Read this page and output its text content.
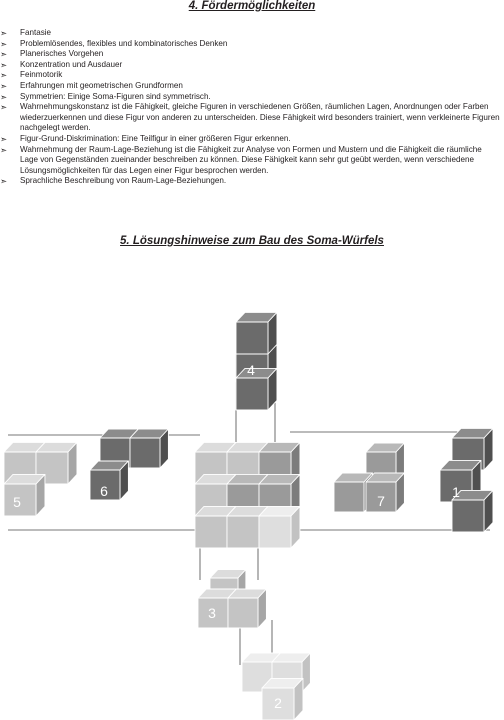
4. Fördermöglichkeiten
➣ Fantasie
➣ Problemlösendes, flexibles und kombinatorisches Denken
➣ Planerisches Vorgehen
➣ Konzentration und Ausdauer
➣ Feinmotorik
➣ Erfahrungen mit geometrischen Grundformen
➣ Symmetrien: Einige Soma-Figuren sind symmetrisch.
➣ Wahrnehmungskonstanz ist die Fähigkeit, gleiche Figuren in verschiedenen Größen, räumlichen Lagen, Anordnungen oder Farben wiederzuerkennen und diese Figur von anderen zu unterscheiden. Diese Fähigkeit wird besonders trainiert, wenn verkleinerte Figuren nachgelegt werden.
➣ Figur-Grund-Diskrimination: Eine Teilfigur in einer größeren Figur erkennen.
➣ Wahrnehmung der Raum-Lage-Beziehung ist die Fähigkeit zur Analyse von Formen und Mustern und die Fähigkeit die räumliche Lage von Gegenständen zueinander beschreiben zu können. Diese Fähigkeit kann sehr gut geübt werden, wenn verschiedene Lösungsmöglichkeiten für das Legen einer Figur besprochen werden.
➣ Sprachliche Beschreibung von Raum-Lage-Beziehungen.
5. Lösungshinweise zum Bau des Soma-Würfels
4
5
6
7
1
3
2
